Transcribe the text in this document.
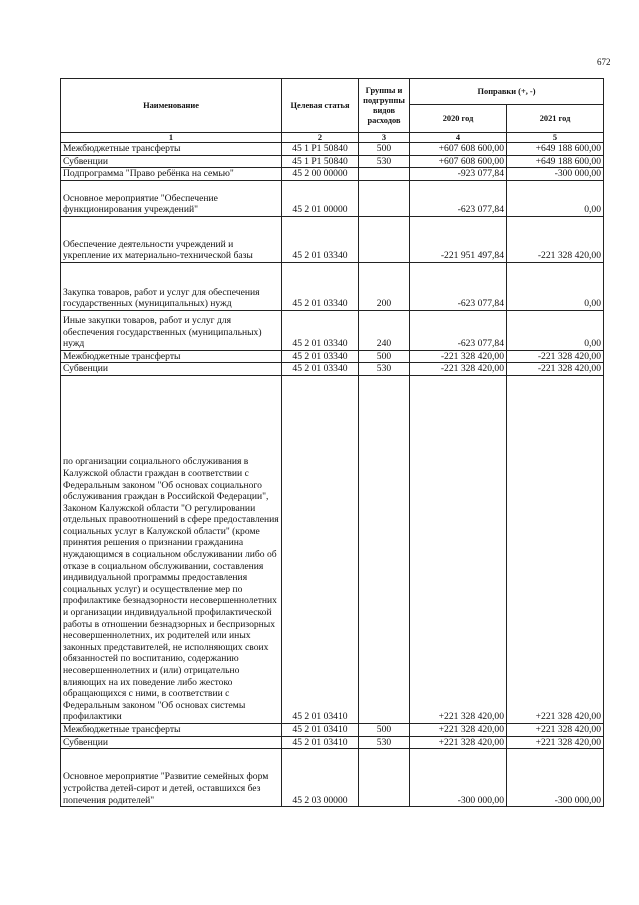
672
Наименование	Целевая статья	Группы и подгруппы видов расходов	Поправки (+, -)	
			2020 год	2021 год
1	2	3	4	5
Межбюджетные трансферты	45 1 P1 50840	500	+607 608 600,00	+649 188 600,00
Субвенции	45 1 P1 50840	530	+607 608 600,00	+649 188 600,00
Подпрограмма "Право ребёнка на семью"	45 2 00 00000		-923 077,84	-300 000,00
Основное мероприятие "Обеспечение функционирования учреждений"	45 2 01 00000		-623 077,84	0,00
Обеспечение деятельности учреждений и укрепление их материально-технической базы	45 2 01 03340		-221 951 497,84	-221 328 420,00
Закупка товаров, работ и услуг для обеспечения государственных (муниципальных) нужд	45 2 01 03340	200	-623 077,84	0,00
Иные закупки товаров, работ и услуг для обеспечения государственных (муниципальных) нужд	45 2 01 03340	240	-623 077,84	0,00
Межбюджетные трансферты	45 2 01 03340	500	-221 328 420,00	-221 328 420,00
Субвенции	45 2 01 03340	530	-221 328 420,00	-221 328 420,00
по организации социального обслуживания в Калужской области граждан в соответствии с Федеральным законом "Об основах социального обслуживания граждан в Российской Федерации", Законом Калужской области "О регулировании отдельных правоотношений в сфере предоставления социальных услуг в Калужской области" (кроме принятия решения о признании гражданина нуждающимся в социальном обслуживании либо об отказе в социальном обслуживании, составления индивидуальной программы предоставления социальных услуг) и осуществление мер по профилактике безнадзорности несовершеннолетних и организации индивидуальной профилактической работы в отношении безнадзорных и беспризорных несовершеннолетних, их родителей или иных законных представителей, не исполняющих своих обязанностей по воспитанию, содержанию несовершеннолетних и (или) отрицательно влияющих на их поведение либо жестоко обращающихся с ними, в соответствии с Федеральным законом "Об основах системы профилактики	45 2 01 03410		+221 328 420,00	+221 328 420,00
Межбюджетные трансферты	45 2 01 03410	500	+221 328 420,00	+221 328 420,00
Субвенции	45 2 01 03410	530	+221 328 420,00	+221 328 420,00
Основное мероприятие "Развитие семейных форм устройства детей-сирот и детей, оставшихся без попечения родителей"	45 2 03 00000		-300 000,00	-300 000,00
